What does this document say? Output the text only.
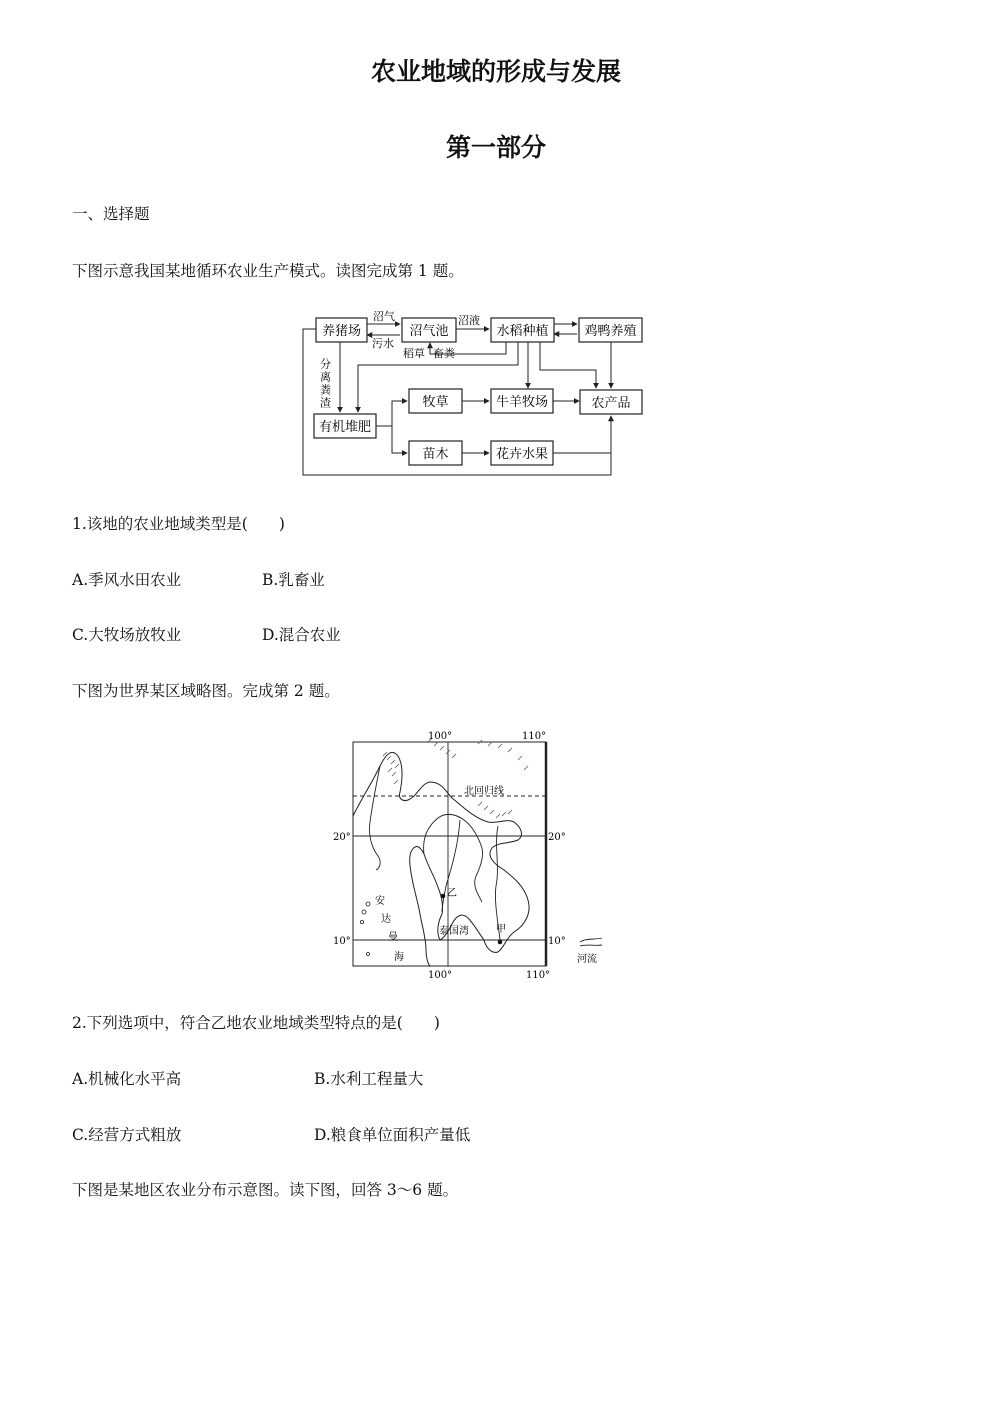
农业地域的形成与发展
第一部分
一、选择题
下图示意我国某地循环农业生产模式。读图完成第 1 题。
养猪场	沼气池	水稻种植	鸡鸭养殖
有机堆肥
牧草	牛羊牧场	农产品
苗木	花卉水果
沼气
污水
沼液
稻草 畜粪
分离粪渣
1.该地的农业地域类型是(　　)
A.季风水田农业	B.乳畜业
C.大牧场放牧业	D.混合农业
下图为世界某区域略图。完成第 2 题。
100°	110°
100°	110°
20°	20°
10°	10°
北回归线
乙
甲
泰国湾
安
达
曼
海	河流
2.下列选项中，符合乙地农业地域类型特点的是(　　)
A.机械化水平高	B.水利工程量大
C.经营方式粗放	D.粮食单位面积产量低
下图是某地区农业分布示意图。读下图，回答 3～6 题。
